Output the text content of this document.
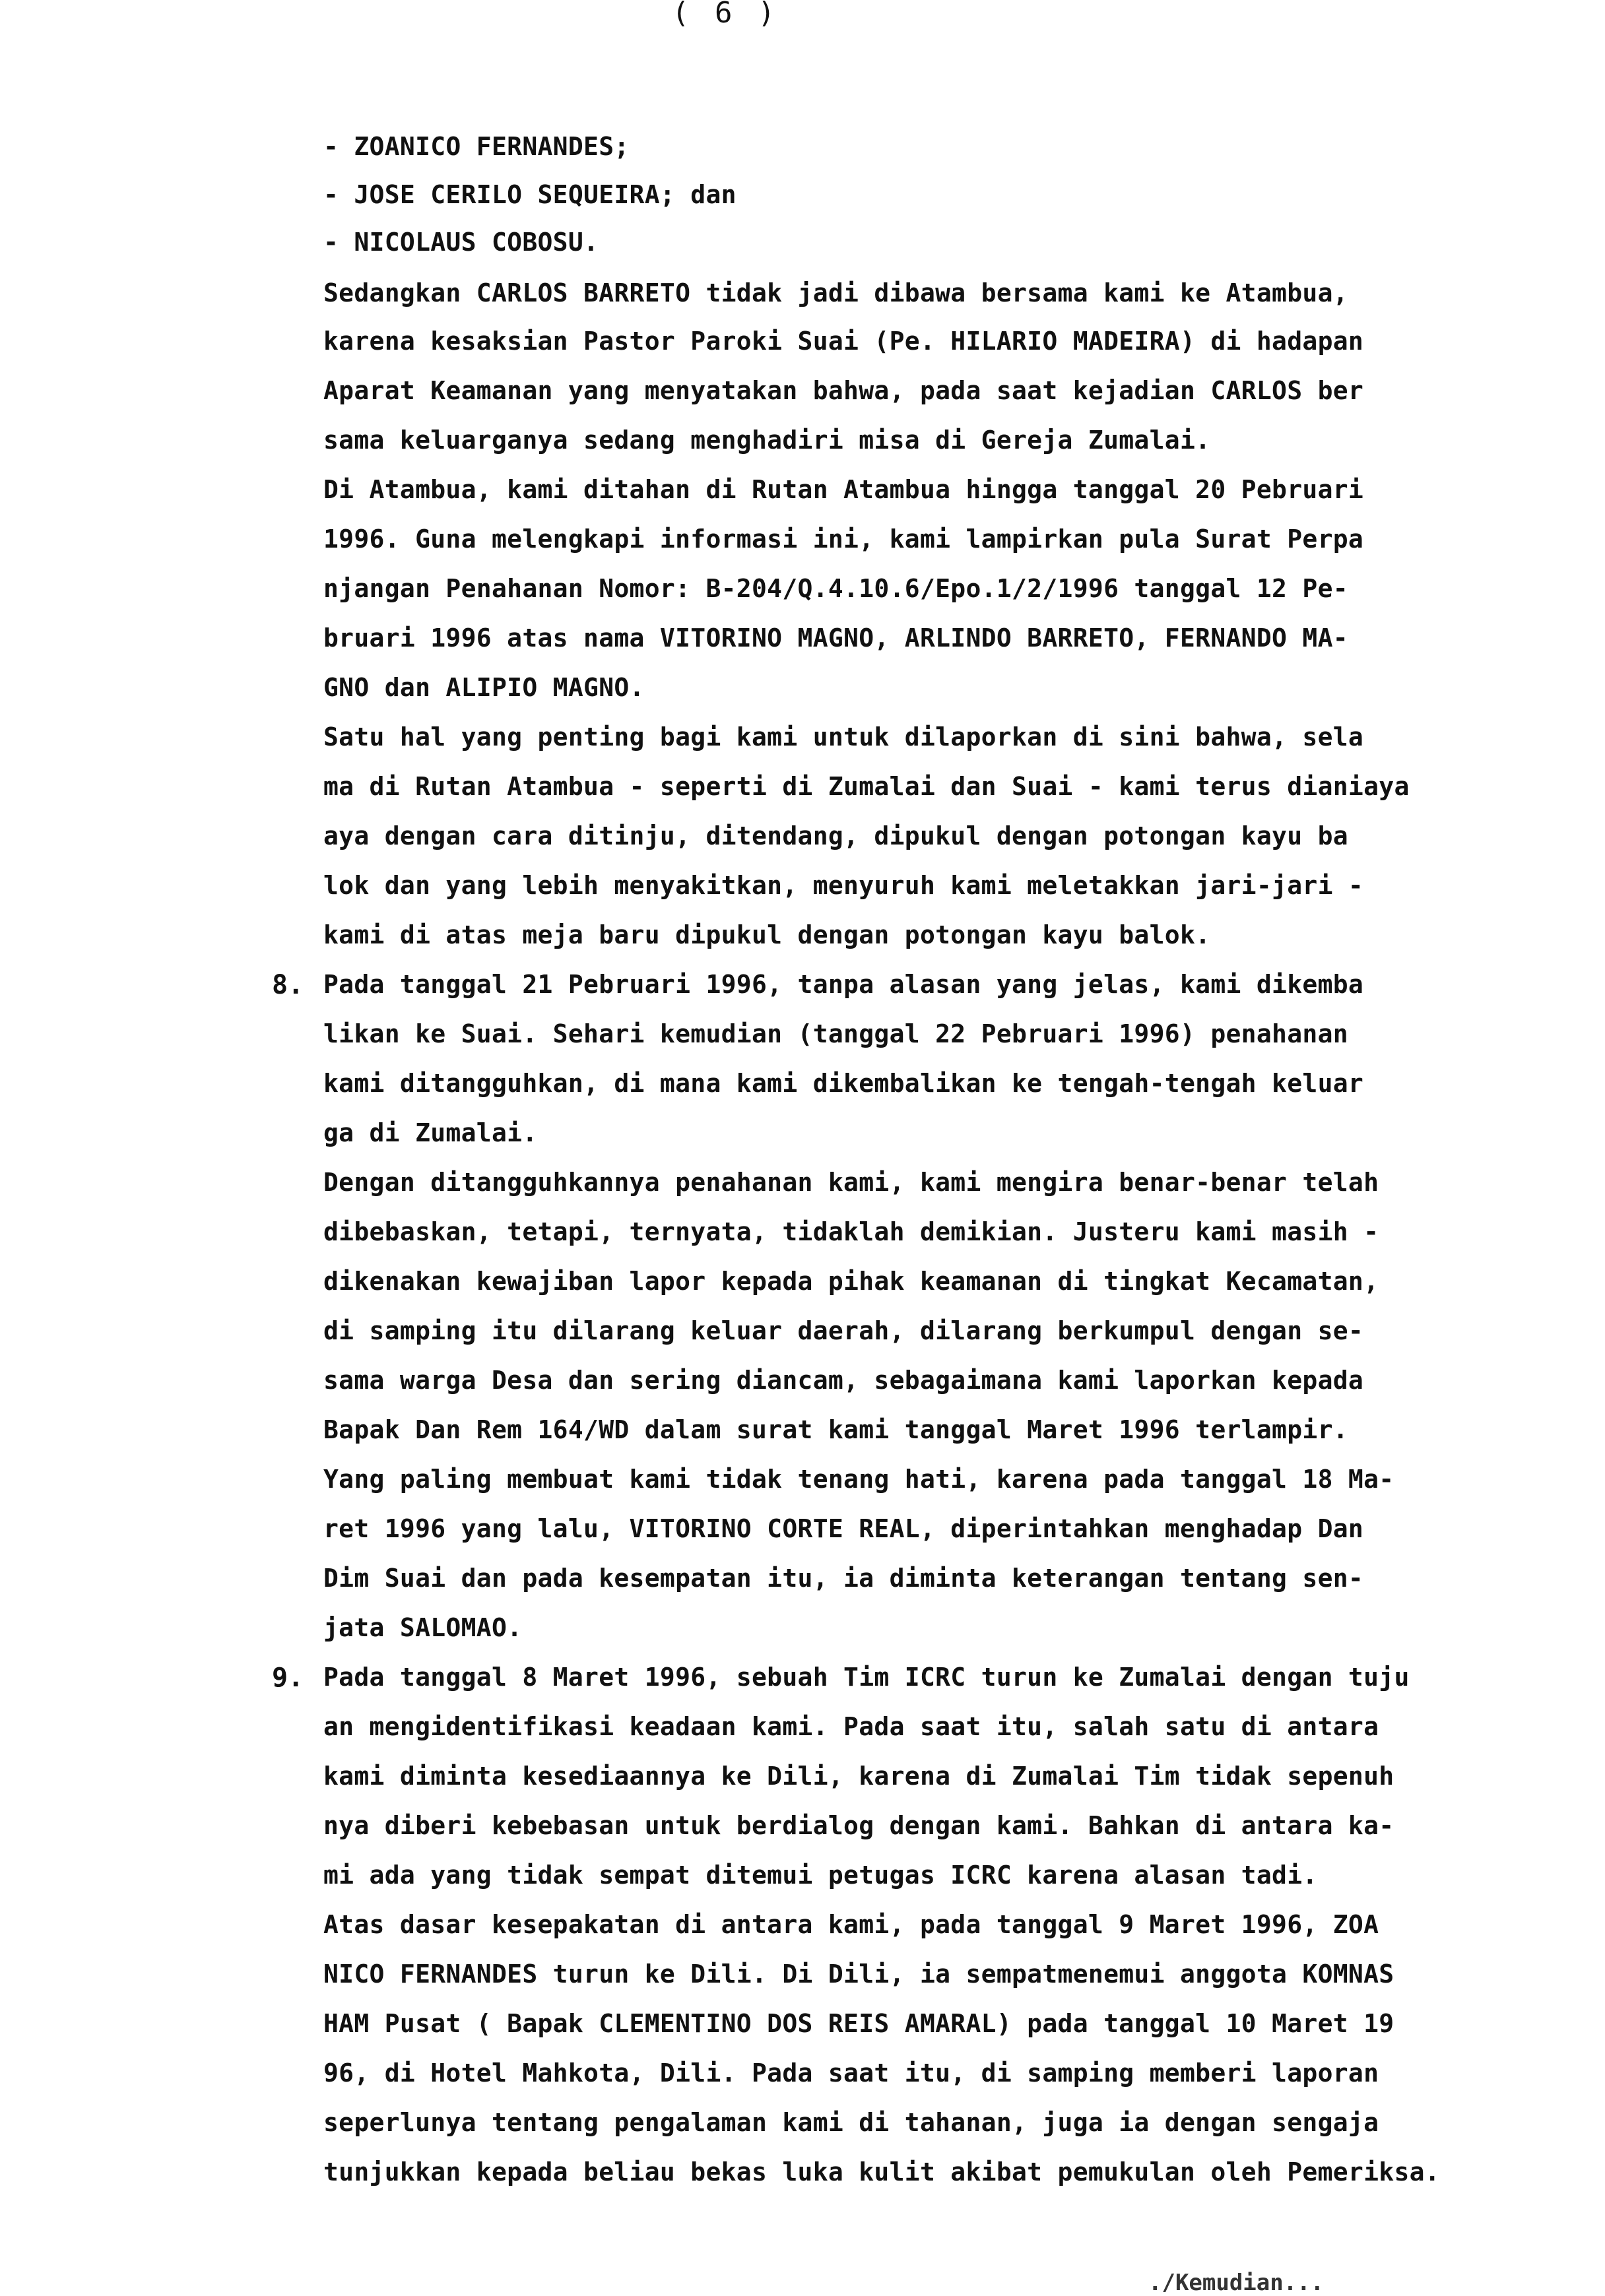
( 6 )
- ZOANICO FERNANDES;
- JOSE CERILO SEQUEIRA; dan
- NICOLAUS COBOSU.
Sedangkan CARLOS BARRETO tidak jadi dibawa bersama kami ke Atambua,
karena kesaksian Pastor Paroki Suai (Pe. HILARIO MADEIRA) di hadapan
Aparat Keamanan yang menyatakan bahwa, pada saat kejadian CARLOS ber
sama keluarganya sedang menghadiri misa di Gereja Zumalai.
Di Atambua, kami ditahan di Rutan Atambua hingga tanggal 20 Pebruari
1996. Guna melengkapi informasi ini, kami lampirkan pula Surat Perpa
njangan Penahanan Nomor: B-204/Q.4.10.6/Epo.1/2/1996 tanggal 12 Pe-
bruari 1996 atas nama VITORINO MAGNO, ARLINDO BARRETO, FERNANDO MA-
GNO dan ALIPIO MAGNO.
Satu hal yang penting bagi kami untuk dilaporkan di sini bahwa, sela
ma di Rutan Atambua - seperti di Zumalai dan Suai - kami terus dianiaya
aya dengan cara ditinju, ditendang, dipukul dengan potongan kayu ba
lok dan yang lebih menyakitkan, menyuruh kami meletakkan jari-jari -
kami di atas meja baru dipukul dengan potongan kayu balok.
8. Pada tanggal 21 Pebruari 1996, tanpa alasan yang jelas, kami dikemba
likan ke Suai. Sehari kemudian (tanggal 22 Pebruari 1996) penahanan
kami ditangguhkan, di mana kami dikembalikan ke tengah-tengah keluar
ga di Zumalai.
Dengan ditangguhkannya penahanan kami, kami mengira benar-benar telah
dibebaskan, tetapi, ternyata, tidaklah demikian. Justeru kami masih -
dikenakan kewajiban lapor kepada pihak keamanan di tingkat Kecamatan,
di samping itu dilarang keluar daerah, dilarang berkumpul dengan se-
sama warga Desa dan sering diancam, sebagaimana kami laporkan kepada
Bapak Dan Rem 164/WD dalam surat kami tanggal Maret 1996 terlampir.
Yang paling membuat kami tidak tenang hati, karena pada tanggal 18 Ma-
ret 1996 yang lalu, VITORINO CORTE REAL, diperintahkan menghadap Dan
Dim Suai dan pada kesempatan itu, ia diminta keterangan tentang sen-
jata SALOMAO.
9. Pada tanggal 8 Maret 1996, sebuah Tim ICRC turun ke Zumalai dengan tuju
an mengidentifikasi keadaan kami. Pada saat itu, salah satu di antara
kami diminta kesediaannya ke Dili, karena di Zumalai Tim tidak sepenuh
nya diberi kebebasan untuk berdialog dengan kami. Bahkan di antara ka-
mi ada yang tidak sempat ditemui petugas ICRC karena alasan tadi.
Atas dasar kesepakatan di antara kami, pada tanggal 9 Maret 1996, ZOA
NICO FERNANDES turun ke Dili. Di Dili, ia sempatmenemui anggota KOMNAS
HAM Pusat ( Bapak CLEMENTINO DOS REIS AMARAL) pada tanggal 10 Maret 19
96, di Hotel Mahkota, Dili. Pada saat itu, di samping memberi laporan
seperlunya tentang pengalaman kami di tahanan, juga ia dengan sengaja
tunjukkan kepada beliau bekas luka kulit akibat pemukulan oleh Pemeriksa.
./Kemudian...
